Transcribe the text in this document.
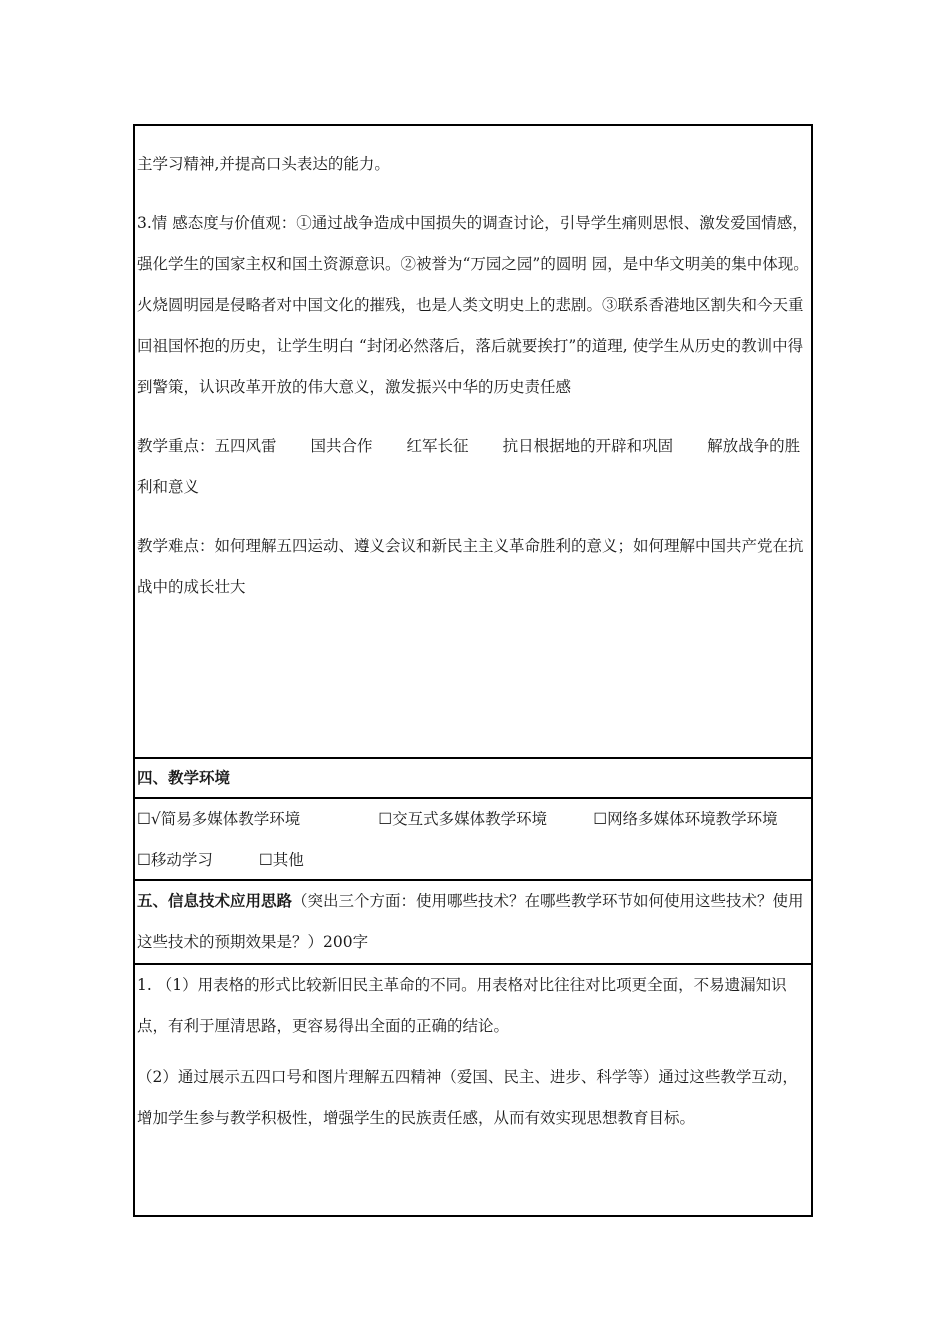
主学习精神,并提高口头表达的能力。

3.情 感态度与价值观：①通过战争造成中国损失的调查讨论，引导学生痛则思恨、激发爱国情感，强化学生的国家主权和国土资源意识。②被誉为“万园之园”的圆明 园，是中华文明美的集中体现。火烧圆明园是侵略者对中国文化的摧残，也是人类文明史上的悲剧。③联系香港地区割失和今天重回祖国怀抱的历史，让学生明白 “封闭必然落后，落后就要挨打”的道理, 使学生从历史的教训中得到警策，认识改革开放的伟大意义，激发振兴中华的历史责任感

教学重点：五四风雷 国共合作 红军长征 抗日根据地的开辟和巩固 解放战争的胜利和意义

教学难点：如何理解五四运动、遵义会议和新民主主义革命胜利的意义；如何理解中国共产党在抗战中的成长壮大

四、教学环境

☐√简易多媒体教学环境	☐交互式多媒体教学环境	☐网络多媒体环境教学环境

☐移动学习	☐其他

五、信息技术应用思路（突出三个方面：使用哪些技术？在哪些教学环节如何使用这些技术？使用这些技术的预期效果是？）200字

1. （1）用表格的形式比较新旧民主革命的不同。用表格对比往往对比项更全面，不易遗漏知识点，有利于厘清思路，更容易得出全面的正确的结论。

（2）通过展示五四口号和图片理解五四精神（爱国、民主、进步、科学等）通过这些教学互动，增加学生参与教学积极性，增强学生的民族责任感，从而有效实现思想教育目标。
